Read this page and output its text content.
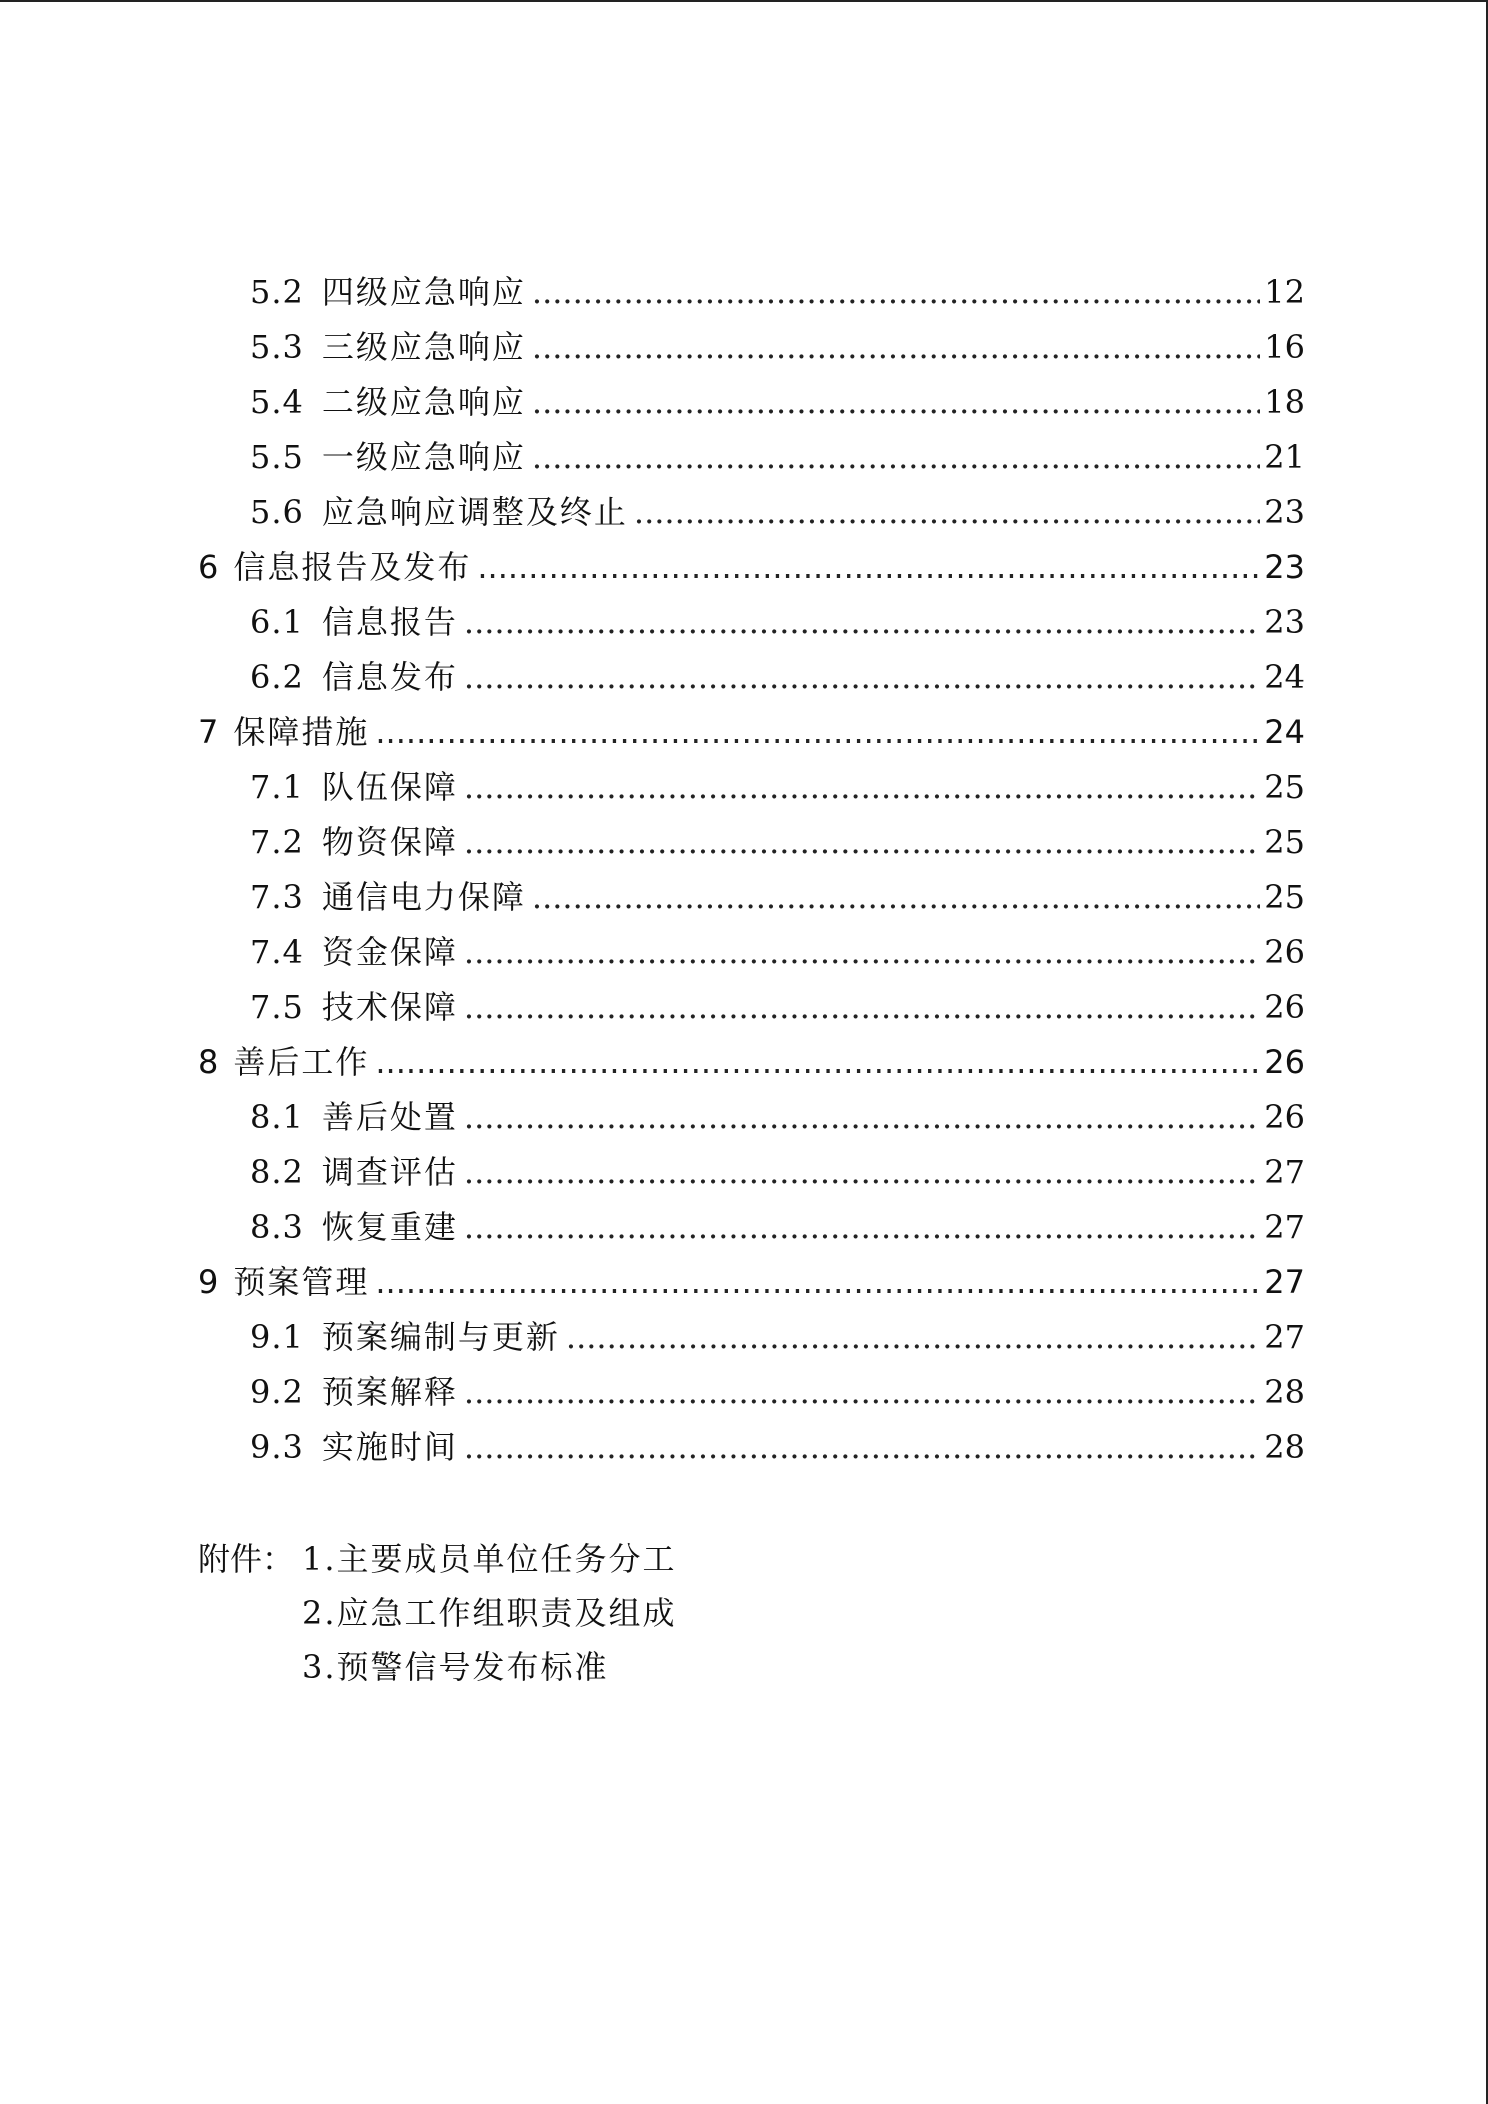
5.2 四级应急响应 .....	12
5.3 三级应急响应 .....	16
5.4 二级应急响应 .....	18
5.5 一级应急响应 .....	21
5.6 应急响应调整及终止 .....	23
6 信息报告及发布 .....	23
6.1 信息报告 .....	23
6.2 信息发布 .....	24
7 保障措施 .....	24
7.1 队伍保障 .....	25
7.2 物资保障 .....	25
7.3 通信电力保障 .....	25
7.4 资金保障 .....	26
7.5 技术保障 .....	26
8 善后工作 .....	26
8.1 善后处置 .....	26
8.2 调查评估 .....	27
8.3 恢复重建 .....	27
9 预案管理 .....	27
9.1 预案编制与更新 .....	27
9.2 预案解释 .....	28
9.3 实施时间 .....	28
附件： 1.主要成员单位任务分工
2.应急工作组职责及组成
3.预警信号发布标准
